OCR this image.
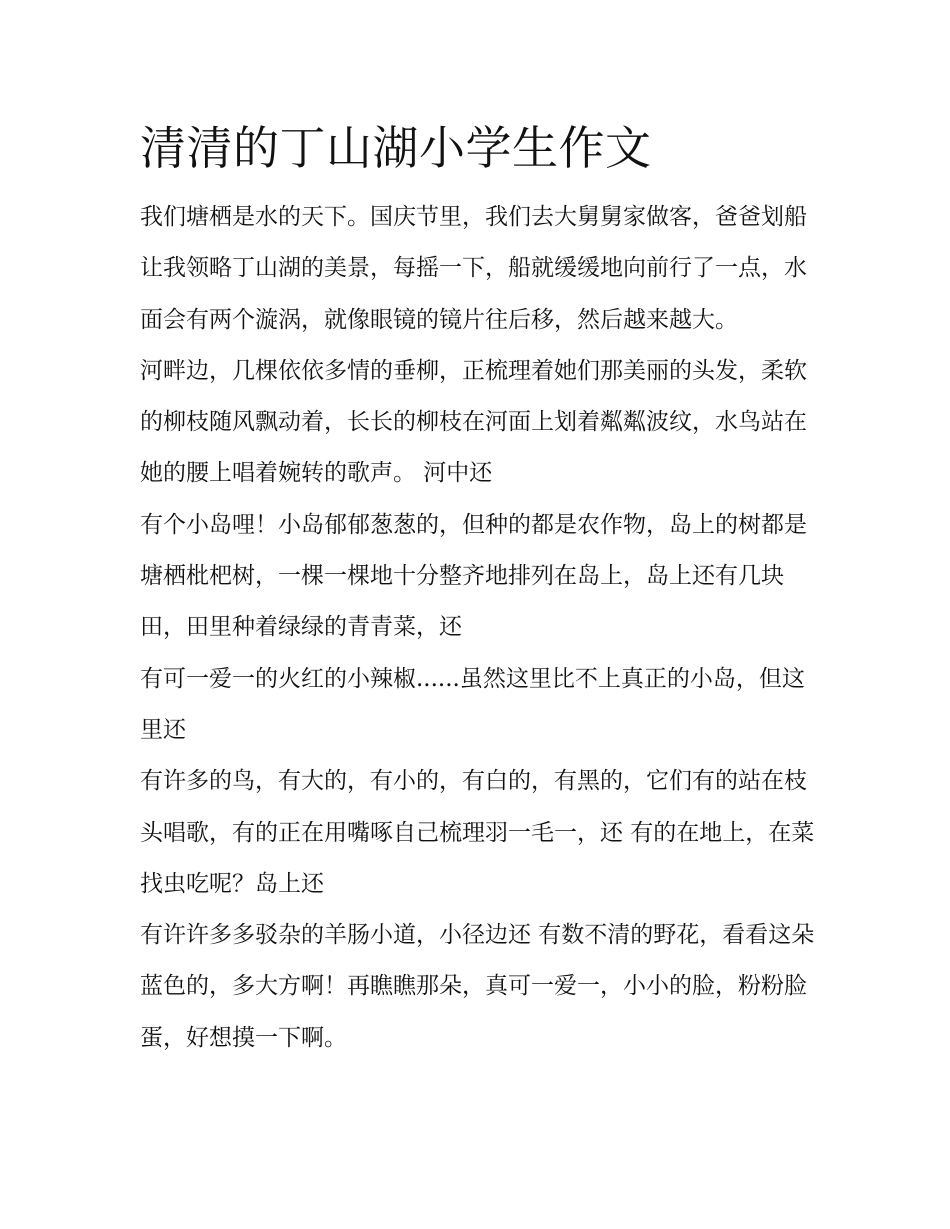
清清的丁山湖小学生作文

我们塘栖是水的天下。国庆节里，我们去大舅舅家做客，爸爸划船让我领略丁山湖的美景，每摇一下，船就缓缓地向前行了一点，水面会有两个漩涡，就像眼镜的镜片往后移，然后越来越大。

河畔边，几棵依依多情的垂柳，正梳理着她们那美丽的头发，柔软的柳枝随风飘动着，长长的柳枝在河面上划着粼粼波纹，水鸟站在她的腰上唱着婉转的歌声。 河中还

有个小岛哩！小岛郁郁葱葱的，但种的都是农作物，岛上的树都是塘栖枇杷树，一棵一棵地十分整齐地排列在岛上，岛上还有几块田，田里种着绿绿的青青菜，还

有可一爱一的火红的小辣椒......虽然这里比不上真正的小岛，但这里还

有许多的鸟，有大的，有小的，有白的，有黑的，它们有的站在枝头唱歌，有的正在用嘴啄自己梳理羽一毛一，还 有的在地上，在菜找虫吃呢？岛上还

有许许多多驳杂的羊肠小道，小径边还 有数不清的野花，看看这朵蓝色的，多大方啊！再瞧瞧那朵，真可一爱一，小小的脸，粉粉脸蛋，好想摸一下啊。
